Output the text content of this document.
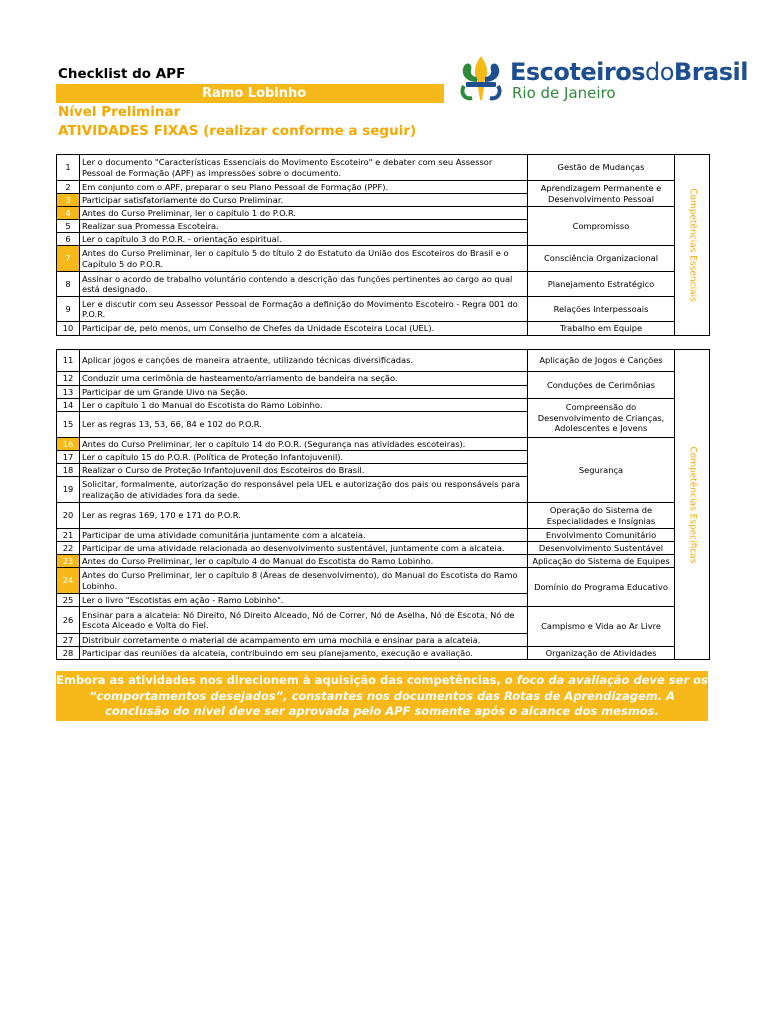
Checklist do APF
Ramo Lobinho
Nível Preliminar
ATIVIDADES FIXAS (realizar conforme a seguir)
EscoteirosdoBrasil
Rio de Janeiro
1	Ler o documento "Características Essenciais do Movimento Escoteiro" e debater com seu Assessor Pessoal de Formação (APF) as impressões sobre o documento.	Gestão de Mudanças	Competências Essenciais

2	Em conjunto com o APF, preparar o seu Plano Pessoal de Formação (PPF).	Aprendizagem Permanente e Desenvolvimento Pessoal	
3	Participar satisfatoriamente do Curso Preliminar.		
4	Antes do Curso Preliminar, ler o capítulo 1 do P.O.R.	Compromisso	
5	Realizar sua Promessa Escoteira.		
6	Ler o capítulo 3 do P.O.R. - orientação espiritual.		
7	Antes do Curso Preliminar, ler o capítulo 5 do título 2 do Estatuto da União dos Escoteiros do Brasil e o Capítulo 5 do P.O.R.	Consciência Organizacional	
8	Assinar o acordo de trabalho voluntário contendo a descrição das funções pertinentes ao cargo ao qual está designado.	Planejamento Estratégico	
9	Ler e discutir com seu Assessor Pessoal de Formação a definição do Movimento Escoteiro - Regra 001 do P.O.R.	Relações Interpessoais	
10	Participar de, pelo menos, um Conselho de Chefes da Unidade Escoteira Local (UEL).	Trabalho em Equipe	
11	Aplicar jogos e canções de maneira atraente, utilizando técnicas diversificadas.	Aplicação de Jogos e Canções	Competências Específicas

12	Conduzir uma cerimônia de hasteamento/arriamento de bandeira na seção.	Conduções de Cerimônias	
13	Participar de um Grande Uivo na Seção.		
14	Ler o capítulo 1 do Manual do Escotista do Ramo Lobinho.	Compreensão do Desenvolvimento de Crianças, Adolescentes e Jovens	
15	Ler as regras 13, 53, 66, 84 e 102 do P.O.R.		
16	Antes do Curso Preliminar, ler o capítulo 14 do P.O.R. (Segurança nas atividades escoteiras).	Segurança	
17	Ler o capítulo 15 do P.O.R. (Política de Proteção Infantojuvenil).		
18	Realizar o Curso de Proteção Infantojuvenil dos Escoteiros do Brasil.		
19	Solicitar, formalmente, autorização do responsável pela UEL e autorização dos pais ou responsáveis para realização de atividades fora da sede.		
20	Ler as regras 169, 170 e 171 do P.O.R.	Operação do Sistema de Especialidades e Insígnias	
21	Participar de uma atividade comunitária juntamente com a alcateia.	Envolvimento Comunitário	
22	Participar de uma atividade relacionada ao desenvolvimento sustentável, juntamente com a alcateia.	Desenvolvimento Sustentável	
23	Antes do Curso Preliminar, ler o capítulo 4 do Manual do Escotista do Ramo Lobinho.	Aplicação do Sistema de Equipes	
24	Antes do Curso Preliminar, ler o capítulo 8 (Áreas de desenvolvimento), do Manual do Escotista do Ramo Lobinho.	Domínio do Programa Educativo	
25	Ler o livro "Escotistas em ação - Ramo Lobinho".		
26	Ensinar para a alcateia: Nó Direito, Nó Direito Alceado, Nó de Correr, Nó de Aselha, Nó de Escota, Nó de Escota Alceado e Volta do Fiel.	Campismo e Vida ao Ar Livre	
27	Distribuir corretamente o material de acampamento em uma mochila e ensinar para a alcateia.		
28	Participar das reuniões da alcateia, contribuindo em seu planejamento, execução e avaliação.	Organização de Atividades	
Embora as atividades nos direcionem à aquisição das competências, o foco da avaliação deve ser os “comportamentos desejados”, constantes nos documentos das Rotas de Aprendizagem. A conclusão do nível deve ser aprovada pelo APF somente após o alcance dos mesmos.
